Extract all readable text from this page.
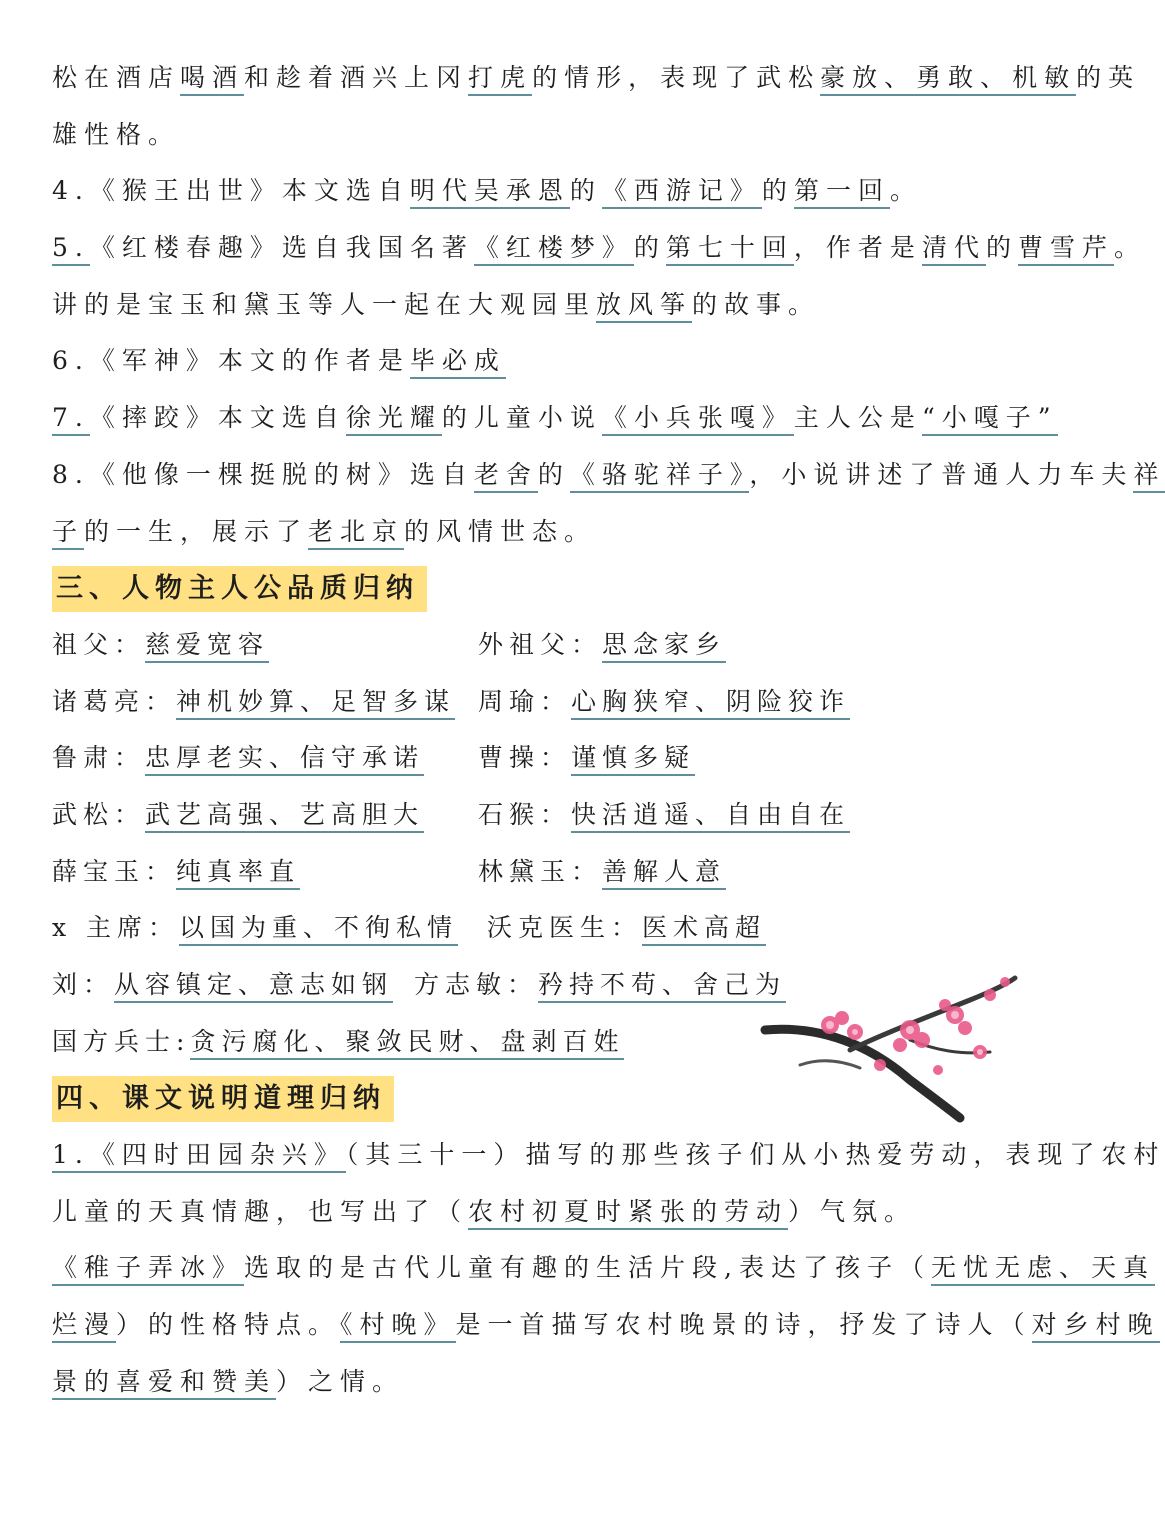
松在酒店喝酒和趁着酒兴上冈打虎的情形，表现了武松豪放、勇敢、机敏的英
雄性格。
4.《猴王出世》本文选自明代吴承恩的《西游记》的第一回。
5.《红楼春趣》选自我国名著《红楼梦》的第七十回，作者是清代的曹雪芹。
讲的是宝玉和黛玉等人一起在大观园里放风筝的故事。
6.《军神》本文的作者是毕必成
7.《摔跤》本文选自徐光耀的儿童小说《小兵张嘎》主人公是“小嘎子”
8.《他像一棵挺脱的树》选自老舍的《骆驼祥子》，小说讲述了普通人力车夫祥
子的一生，展示了老北京的风情世态。
三、人物主人公品质归纳
祖父：慈爱宽容	外祖父：思念家乡
诸葛亮：神机妙算、足智多谋 周瑜：心胸狭窄、阴险狡诈
鲁肃：忠厚老实、信守承诺	曹操：谨慎多疑
武松：武艺高强、艺高胆大	石猴：快活逍遥、自由自在
薛宝玉：纯真率直	林黛玉：善解人意
x 主席：以国为重、不徇私情	沃克医生：医术高超
刘：从容镇定、意志如钢 方志敏：矜持不苟、舍己为
国方兵士:贪污腐化、聚敛民财、盘剥百姓
四、课文说明道理归纳
1.《四时田园杂兴》（其三十一）描写的那些孩子们从小热爱劳动，表现了农村
儿童的天真情趣，也写出了（农村初夏时紧张的劳动）气氛。
《稚子弄冰》选取的是古代儿童有趣的生活片段,表达了孩子（无忧无虑、天真
烂漫）的性格特点。《村晚》是一首描写农村晚景的诗，抒发了诗人（对乡村晚
景的喜爱和赞美）之情。
